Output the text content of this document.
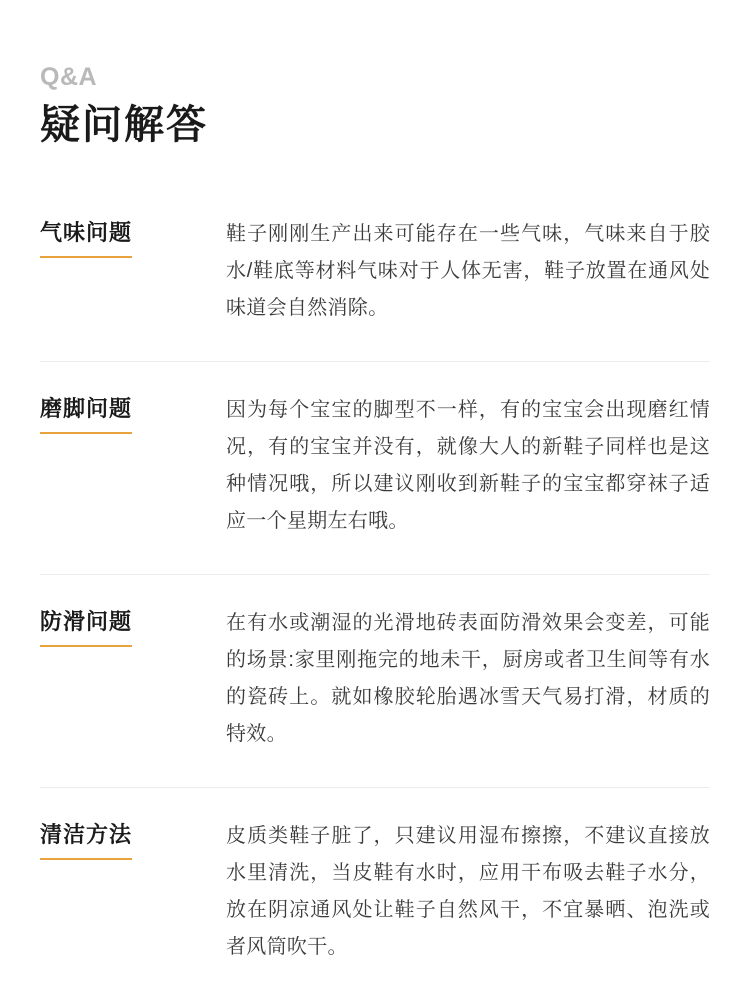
Q&A
疑问解答
气味问题	鞋子刚刚生产出来可能存在一些气味，气味来自于胶水/鞋底等材料气味对于人体无害，鞋子放置在通风处味道会自然消除。
磨脚问题	因为每个宝宝的脚型不一样，有的宝宝会出现磨红情况，有的宝宝并没有，就像大人的新鞋子同样也是这种情况哦，所以建议刚收到新鞋子的宝宝都穿袜子适应一个星期左右哦。
防滑问题	在有水或潮湿的光滑地砖表面防滑效果会变差，可能的场景:家里刚拖完的地未干，厨房或者卫生间等有水的瓷砖上。就如橡胶轮胎遇冰雪天气易打滑，材质的特效。
清洁方法	皮质类鞋子脏了，只建议用湿布擦擦，不建议直接放水里清洗，当皮鞋有水时，应用干布吸去鞋子水分，放在阴凉通风处让鞋子自然风干，不宜暴晒、泡洗或者风筒吹干。
